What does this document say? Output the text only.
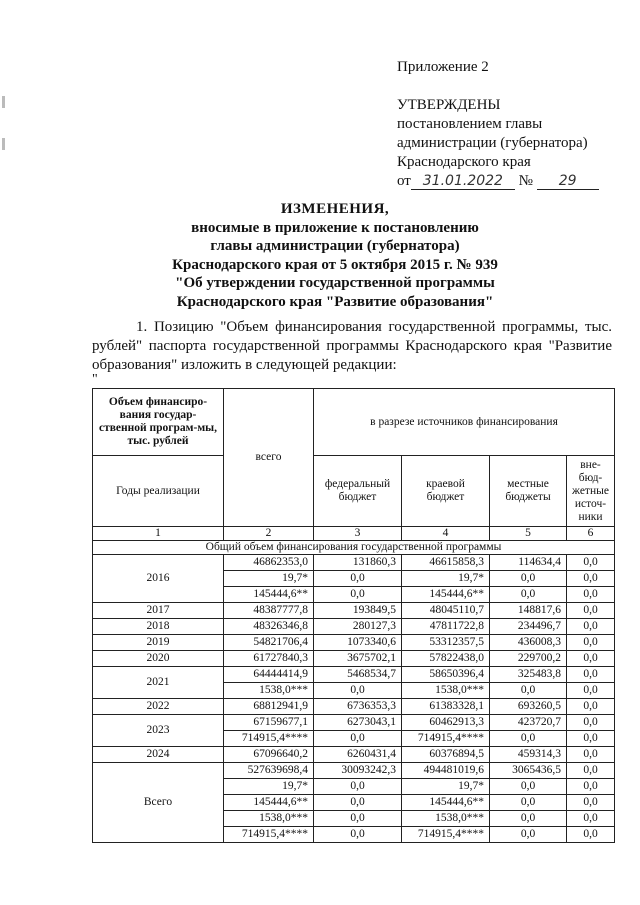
Приложение 2
УТВЕРЖДЕНЫ
постановлением главы
администрации (губернатора)
Краснодарского края
от 31.01.2022 № 29
ИЗМЕНЕНИЯ,
вносимые в приложение к постановлению
главы администрации (губернатора)
Краснодарского края от 5 октября 2015 г. № 939
"Об утверждении государственной программы
Краснодарского края "Развитие образования"
1. Позицию "Объем финансирования государственной программы, тыс. рублей" паспорта государственной программы Краснодарского края "Развитие образования" изложить в следующей редакции:
"
Объем финансиро-вания государ-ственной програм-мы, тыс. рублей	всего	в разрезе источников финансирования			
Годы реализации		федеральный бюджет	краевой бюджет	местные бюджеты	вне-бюд-жетные источ-ники
1	2	3	4	5	6
Общий объем финансирования государственной программы					
2016	46862353,0	131860,3	46615858,3	114634,4	0,0
	19,7*	0,0	19,7*	0,0	0,0
	145444,6**	0,0	145444,6**	0,0	0,0
2017	48387777,8	193849,5	48045110,7	148817,6	0,0
2018	48326346,8	280127,3	47811722,8	234496,7	0,0
2019	54821706,4	1073340,6	53312357,5	436008,3	0,0
2020	61727840,3	3675702,1	57822438,0	229700,2	0,0
2021	64444414,9	5468534,7	58650396,4	325483,8	0,0
	1538,0***	0,0	1538,0***	0,0	0,0
2022	68812941,9	6736353,3	61383328,1	693260,5	0,0
2023	67159677,1	6273043,1	60462913,3	423720,7	0,0
	714915,4****	0,0	714915,4****	0,0	0,0
2024	67096640,2	6260431,4	60376894,5	459314,3	0,0
Всего	527639698,4	30093242,3	494481019,6	3065436,5	0,0
	19,7*	0,0	19,7*	0,0	0,0
	145444,6**	0,0	145444,6**	0,0	0,0
	1538,0***	0,0	1538,0***	0,0	0,0
	714915,4****	0,0	714915,4****	0,0	0,0
